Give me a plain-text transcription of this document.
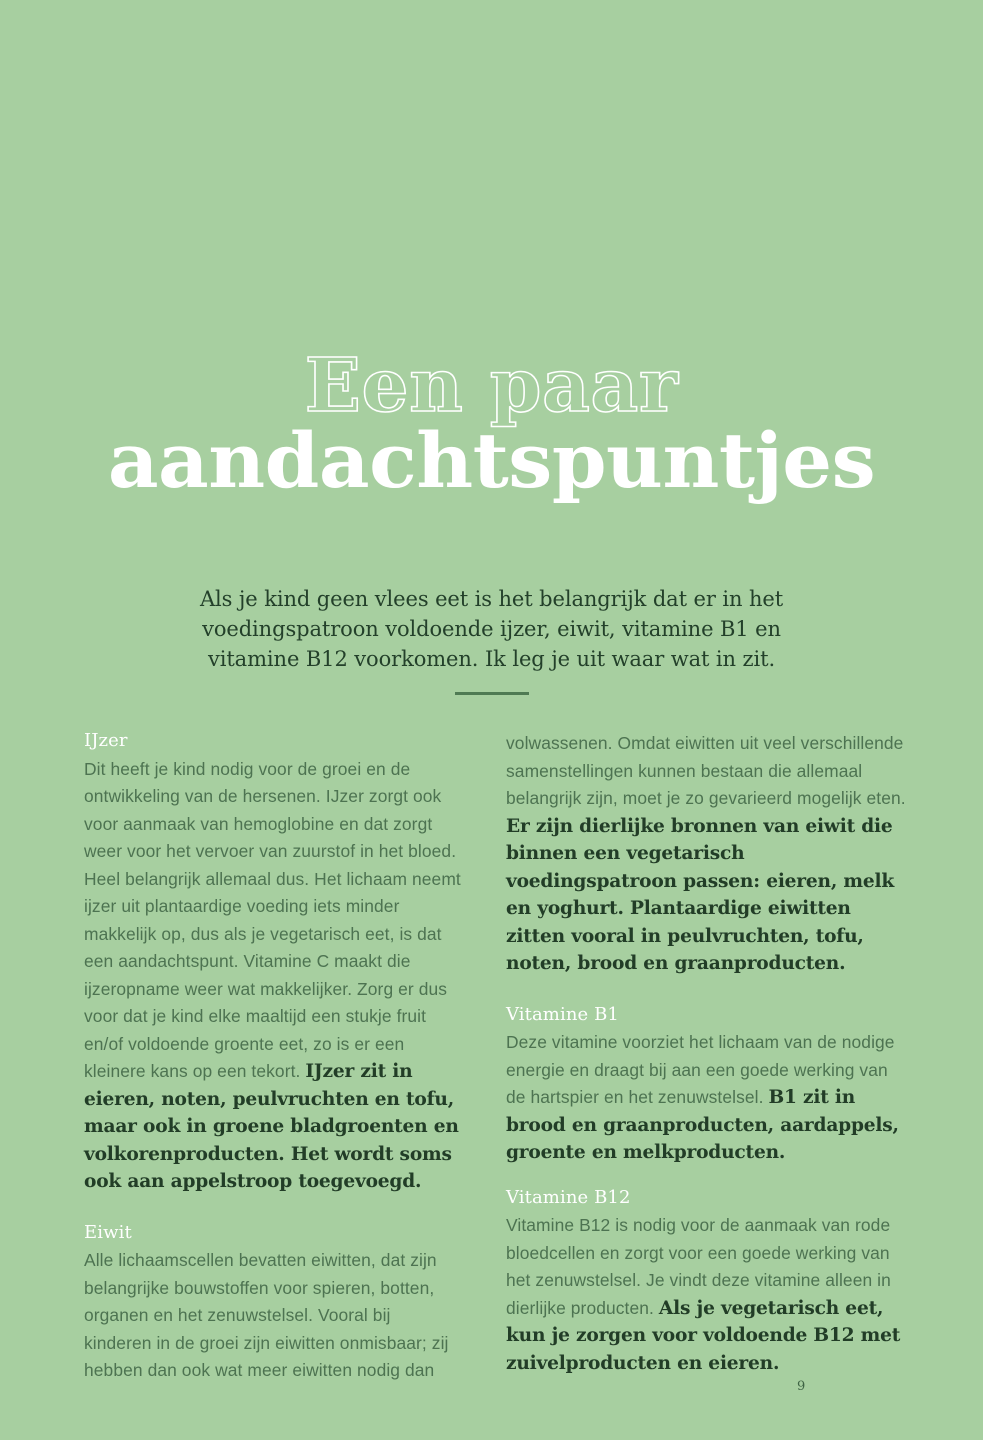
Een paar
aandachtspuntjes
Als je kind geen vlees eet is het belangrijk dat er in het voedingspatroon voldoende ijzer, eiwit, vitamine B1 en vitamine B12 voorkomen. Ik leg je uit waar wat in zit.
IJzer

Dit heeft je kind nodig voor de groei en de ontwikkeling van de hersenen. IJzer zorgt ook voor aanmaak van hemoglobine en dat zorgt weer voor het vervoer van zuurstof in het bloed. Heel belangrijk allemaal dus. Het lichaam neemt ijzer uit plantaardige voeding iets minder makkelijk op, dus als je vegetarisch eet, is dat een aandachtspunt. Vitamine C maakt die ijzeropname weer wat makkelijker. Zorg er dus voor dat je kind elke maaltijd een stukje fruit en/of voldoende groente eet, zo is er een kleinere kans op een tekort. IJzer zit in eieren, noten, peulvruchten en tofu, maar ook in groene bladgroenten en volkorenproducten. Het wordt soms ook aan appelstroop toegevoegd.

Eiwit

Alle lichaamscellen bevatten eiwitten, dat zijn belangrijke bouwstoffen voor spieren, botten, organen en het zenuwstelsel. Vooral bij kinderen in de groei zijn eiwitten onmisbaar; zij hebben dan ook wat meer eiwitten nodig dan

volwassenen. Omdat eiwitten uit veel verschillende samenstellingen kunnen bestaan die allemaal belangrijk zijn, moet je zo gevarieerd mogelijk eten. Er zijn dierlijke bronnen van eiwit die binnen een vegetarisch voedingspatroon passen: eieren, melk en yoghurt. Plantaardige eiwitten zitten vooral in peulvruchten, tofu, noten, brood en graanproducten.

Vitamine B1

Deze vitamine voorziet het lichaam van de nodige energie en draagt bij aan een goede werking van de hartspier en het zenuwstelsel. B1 zit in brood en graanproducten, aardappels, groente en melkproducten.

Vitamine B12

Vitamine B12 is nodig voor de aanmaak van rode bloedcellen en zorgt voor een goede werking van het zenuwstelsel. Je vindt deze vitamine alleen in dierlijke producten. Als je vegetarisch eet, kun je zorgen voor voldoende B12 met zuivelproducten en eieren.

9
